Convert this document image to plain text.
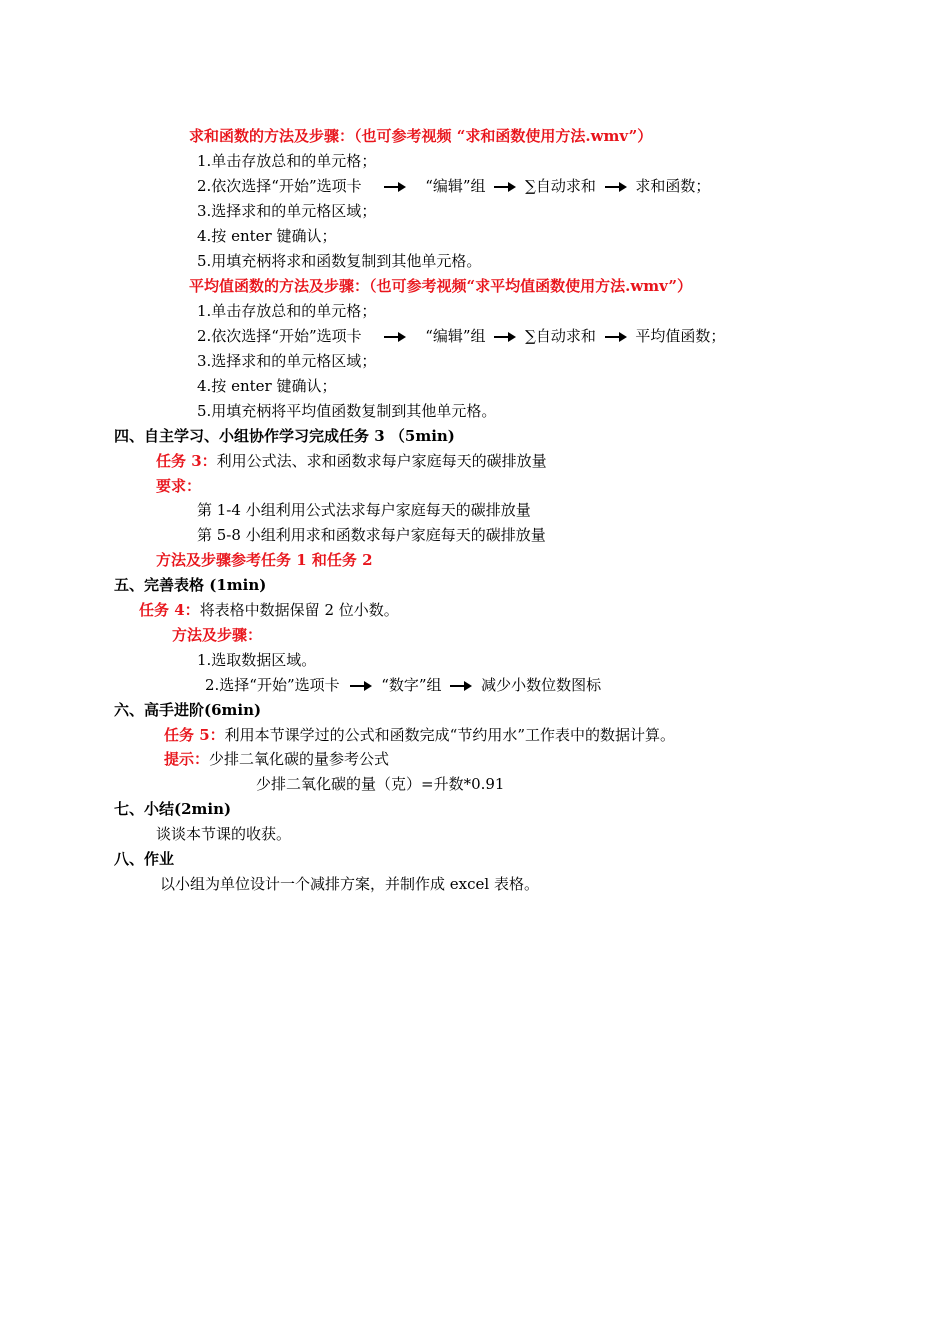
求和函数的方法及步骤：（也可参考视频 “求和函数使用方法.wmv”）
1.单击存放总和的单元格；
2.依次选择“开始”选项卡	“编辑”组	∑自动求和	求和函数；
3.选择求和的单元格区域；
4.按 enter 键确认；
5.用填充柄将求和函数复制到其他单元格。
平均值函数的方法及步骤：（也可参考视频“求平均值函数使用方法.wmv”）
1.单击存放总和的单元格；
2.依次选择“开始”选项卡	“编辑”组	∑自动求和	平均值函数；
3.选择求和的单元格区域；
4.按 enter 键确认；
5.用填充柄将平均值函数复制到其他单元格。
四、自主学习、小组协作学习完成任务 3 （5min)
任务 3：利用公式法、求和函数求每户家庭每天的碳排放量
要求：
第 1-4 小组利用公式法求每户家庭每天的碳排放量
第 5-8 小组利用求和函数求每户家庭每天的碳排放量
方法及步骤参考任务 1 和任务 2
五、完善表格 (1min)
任务 4：将表格中数据保留 2 位小数。
方法及步骤：
1.选取数据区域。
2.选择“开始”选项卡	“数字”组	减少小数位数图标
六、高手进阶(6min)
任务 5：利用本节课学过的公式和函数完成“节约用水”工作表中的数据计算。
提示：少排二氧化碳的量参考公式
少排二氧化碳的量（克）=升数*0.91
七、小结(2min)
谈谈本节课的收获。
八、作业
以小组为单位设计一个减排方案，并制作成 excel 表格。
